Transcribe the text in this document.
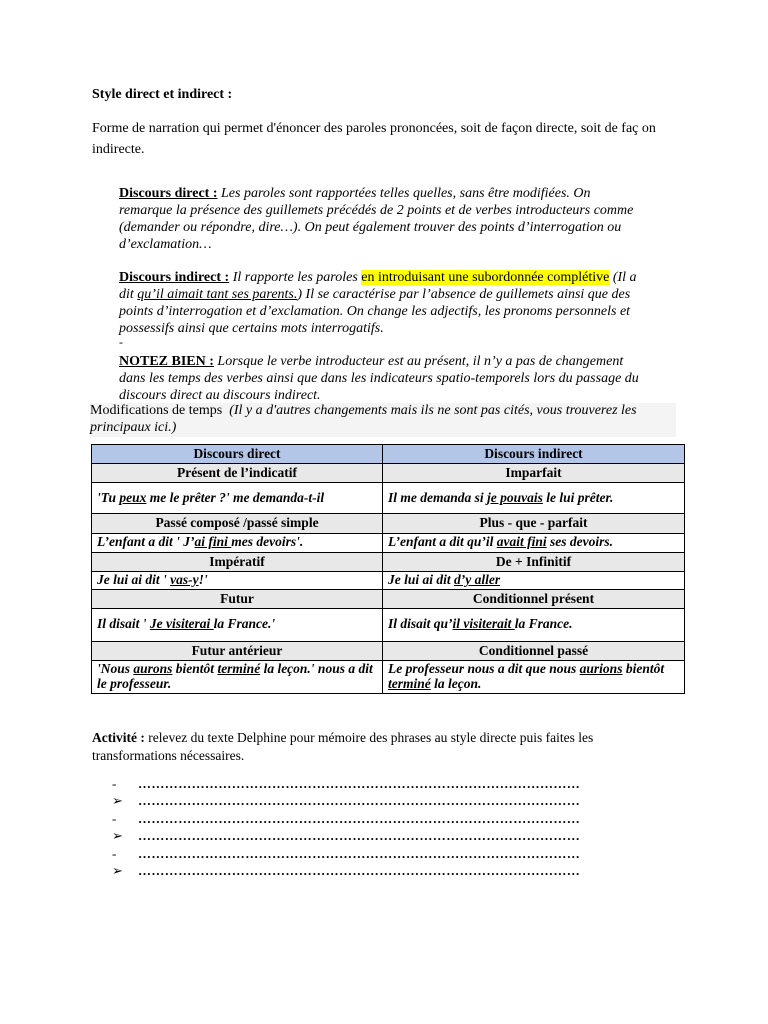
Style direct et indirect :

Forme de narration qui permet d'énoncer des paroles prononcées, soit de façon directe, soit de faç on indirecte.

Discours direct : Les paroles sont rapportées telles quelles, sans être modifiées. On remarque la présence des guillemets précédés de 2 points et de verbes introducteurs comme (demander ou répondre, dire…). On peut également trouver des points d’interrogation ou d’exclamation…

Discours indirect : Il rapporte les paroles en introduisant une subordonnée complétive (Il a dit qu’il aimait tant ses parents.) Il se caractérise par l’absence de guillemets ainsi que des points d’interrogation et d’exclamation. On change les adjectifs, les pronoms personnels et possessifs ainsi que certains mots interrogatifs.

-

NOTEZ BIEN : Lorsque le verbe introducteur est au présent, il n’y a pas de changement dans les temps des verbes ainsi que dans les indicateurs spatio-temporels lors du passage du discours direct au discours indirect.

Modifications de temps (Il y a d'autres changements mais ils ne sont pas cités, vous trouverez les principaux ici.)

Discours direct	Discours indirect
Présent de l’indicatif	Imparfait
'Tu peux me le prêter ?' me demanda-t-il	Il me demanda si je pouvais le lui prêter.
Passé composé /passé simple	Plus - que - parfait
L’enfant a dit ' J’ai fini mes devoirs'.	L’enfant a dit qu’il avait fini ses devoirs.
Impératif	De + Infinitif
Je lui ai dit ' vas-y!'	Je lui ai dit d’y aller
Futur	Conditionnel présent
Il disait ' Je visiterai la France.'	Il disait qu’il visiterait la France.
Futur antérieur	Conditionnel passé
'Nous aurons bientôt terminé la leçon.' nous a dit le professeur.	Le professeur nous a dit que nous aurions bientôt terminé la leçon.

Activité : relevez du texte Delphine pour mémoire des phrases au style directe puis faites les transformations nécessaires.

-	………………………………………………………………………………………
➢	………………………………………………………………………………………
-	………………………………………………………………………………………
➢	………………………………………………………………………………………
-	………………………………………………………………………………………
➢	………………………………………………………………………………………
